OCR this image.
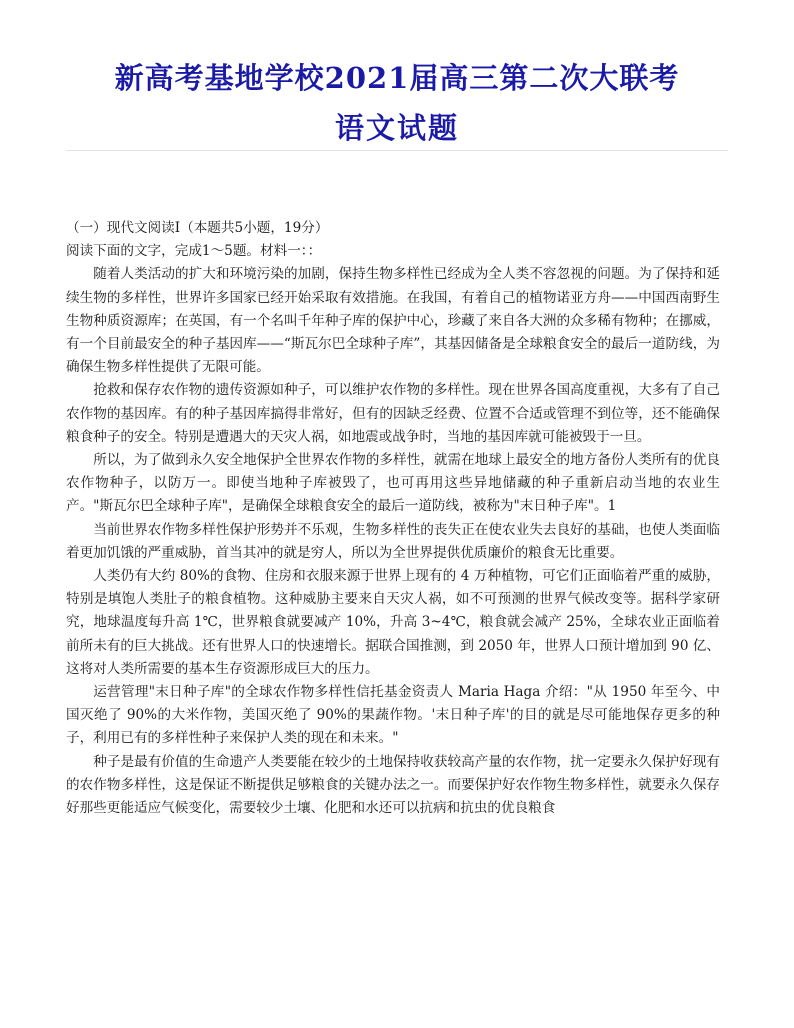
新高考基地学校2021届高三第二次大联考
语文试题

（一）现代文阅读Ⅰ（本题共5小题，19分）

阅读下面的文字，完成1～5题。材料一：：

随着人类活动的扩大和环境污染的加剧，保持生物多样性已经成为全人类不容忽视的问题。为了保持和延续生物的多样性，世界许多国家已经开始采取有效措施。在我国，有着自己的植物诺亚方舟——中国西南野生生物种质资源库；在英国，有一个名叫千年种子库的保护中心，珍藏了来自各大洲的众多稀有物种；在挪威，有一个目前最安全的种子基因库——“斯瓦尔巴全球种子库”，其基因储备是全球粮食安全的最后一道防线，为确保生物多样性提供了无限可能。

抢救和保存农作物的遗传资源如种子，可以维护农作物的多样性。现在世界各国高度重视，大多有了自己农作物的基因库。有的种子基因库搞得非常好，但有的因缺乏经费、位置不合适或管理不到位等，还不能确保粮食种子的安全。特别是遭遇大的天灾人祸，如地震或战争时，当地的基因库就可能被毁于一旦。

所以，为了做到永久安全地保护全世界农作物的多样性，就需在地球上最安全的地方备份人类所有的优良农作物种子，以防万一。即使当地种子库被毁了，也可再用这些异地储藏的种子重新启动当地的农业生产。"斯瓦尔巴全球种子库"，是确保全球粮食安全的最后一道防线，被称为"末日种子库"。1

当前世界农作物多样性保护形势并不乐观，生物多样性的丧失正在使农业失去良好的基础，也使人类面临着更加饥饿的严重威胁，首当其冲的就是穷人，所以为全世界提供优质廉价的粮食无比重要。

人类仍有大约 80%的食物、住房和衣服来源于世界上现有的 4 万种植物，可它们正面临着严重的威胁，特别是填饱人类肚子的粮食植物。这种威胁主要来自天灾人祸，如不可预测的世界气候改变等。据科学家研究，地球温度每升高 1℃，世界粮食就要减产 10%，升高 3~4℃，粮食就会减产 25%，全球农业正面临着前所未有的巨大挑战。还有世界人口的快速增长。据联合国推测，到 2050 年，世界人口预计增加到 90 亿、这将对人类所需要的基本生存资源形成巨大的压力。

运营管理"末日种子库"的全球农作物多样性信托基金资责人 Maria Haga 介绍："从 1950 年至今、中国灭绝了 90%的大米作物，美国灭绝了 90%的果蔬作物。'末日种子库'的目的就是尽可能地保存更多的种子，利用已有的多样性种子来保护人类的现在和未来。"

种子是最有价值的生命遗产人类要能在较少的土地保持收获较高产量的农作物，扰一定要永久保护好现有的农作物多样性，这是保证不断提供足够粮食的关键办法之一。而要保护好农作物生物多样性，就要永久保存好那些更能适应气候变化，需要较少土壤、化肥和水还可以抗病和抗虫的优良粮食
